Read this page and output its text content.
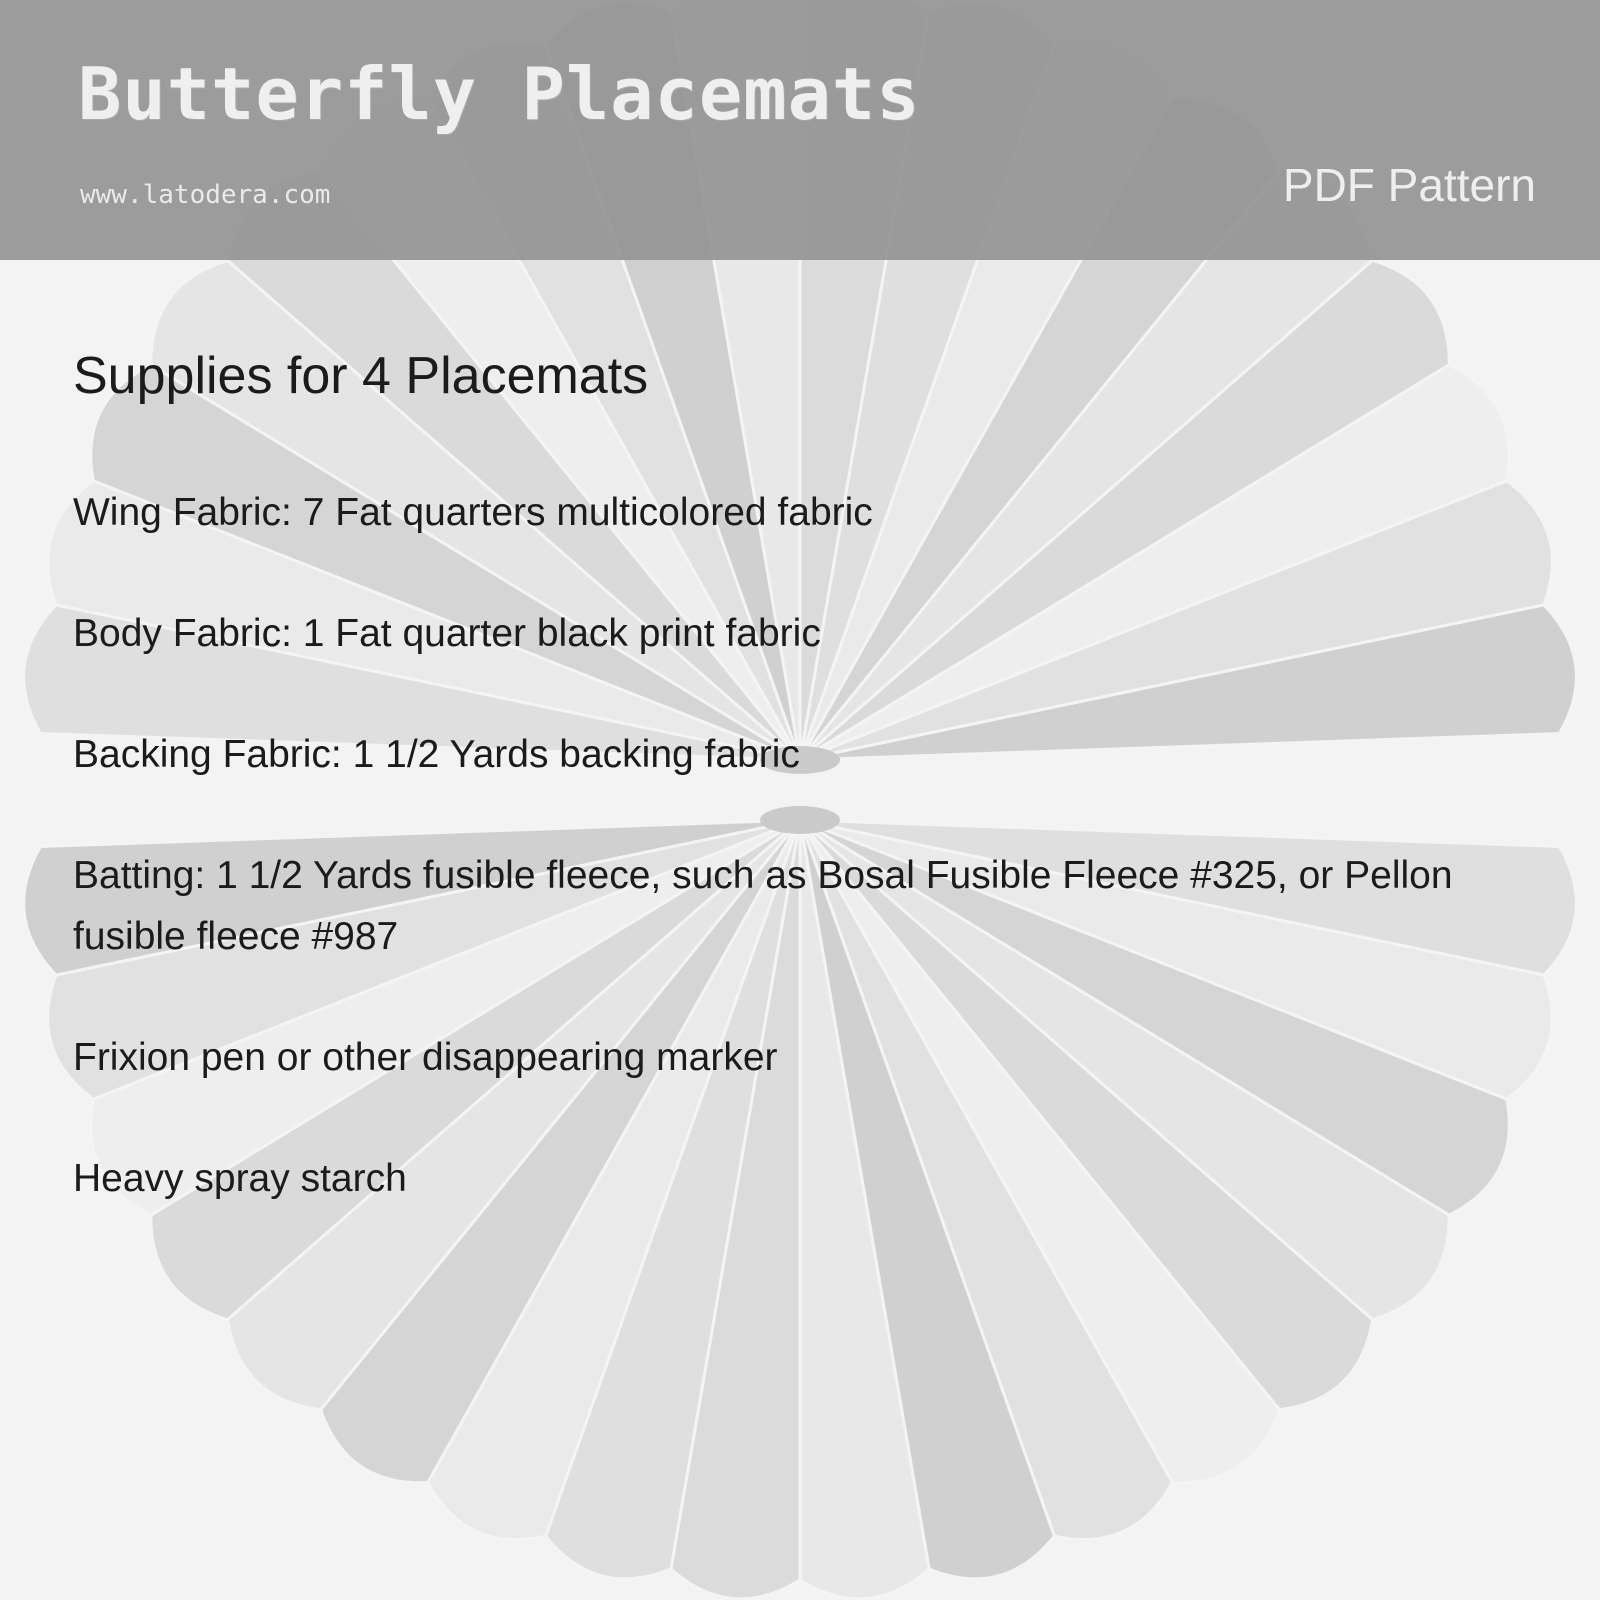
Butterfly Placemats
www.latodera.com	PDF Pattern
Supplies for 4 Placemats
Wing Fabric: 7 Fat quarters multicolored fabric
Body Fabric: 1 Fat quarter black print fabric
Backing Fabric: 1 1/2 Yards backing fabric
Batting: 1 1/2 Yards fusible fleece, such as Bosal Fusible Fleece #325, or Pellon fusible fleece #987
Frixion pen or other disappearing marker
Heavy spray starch
